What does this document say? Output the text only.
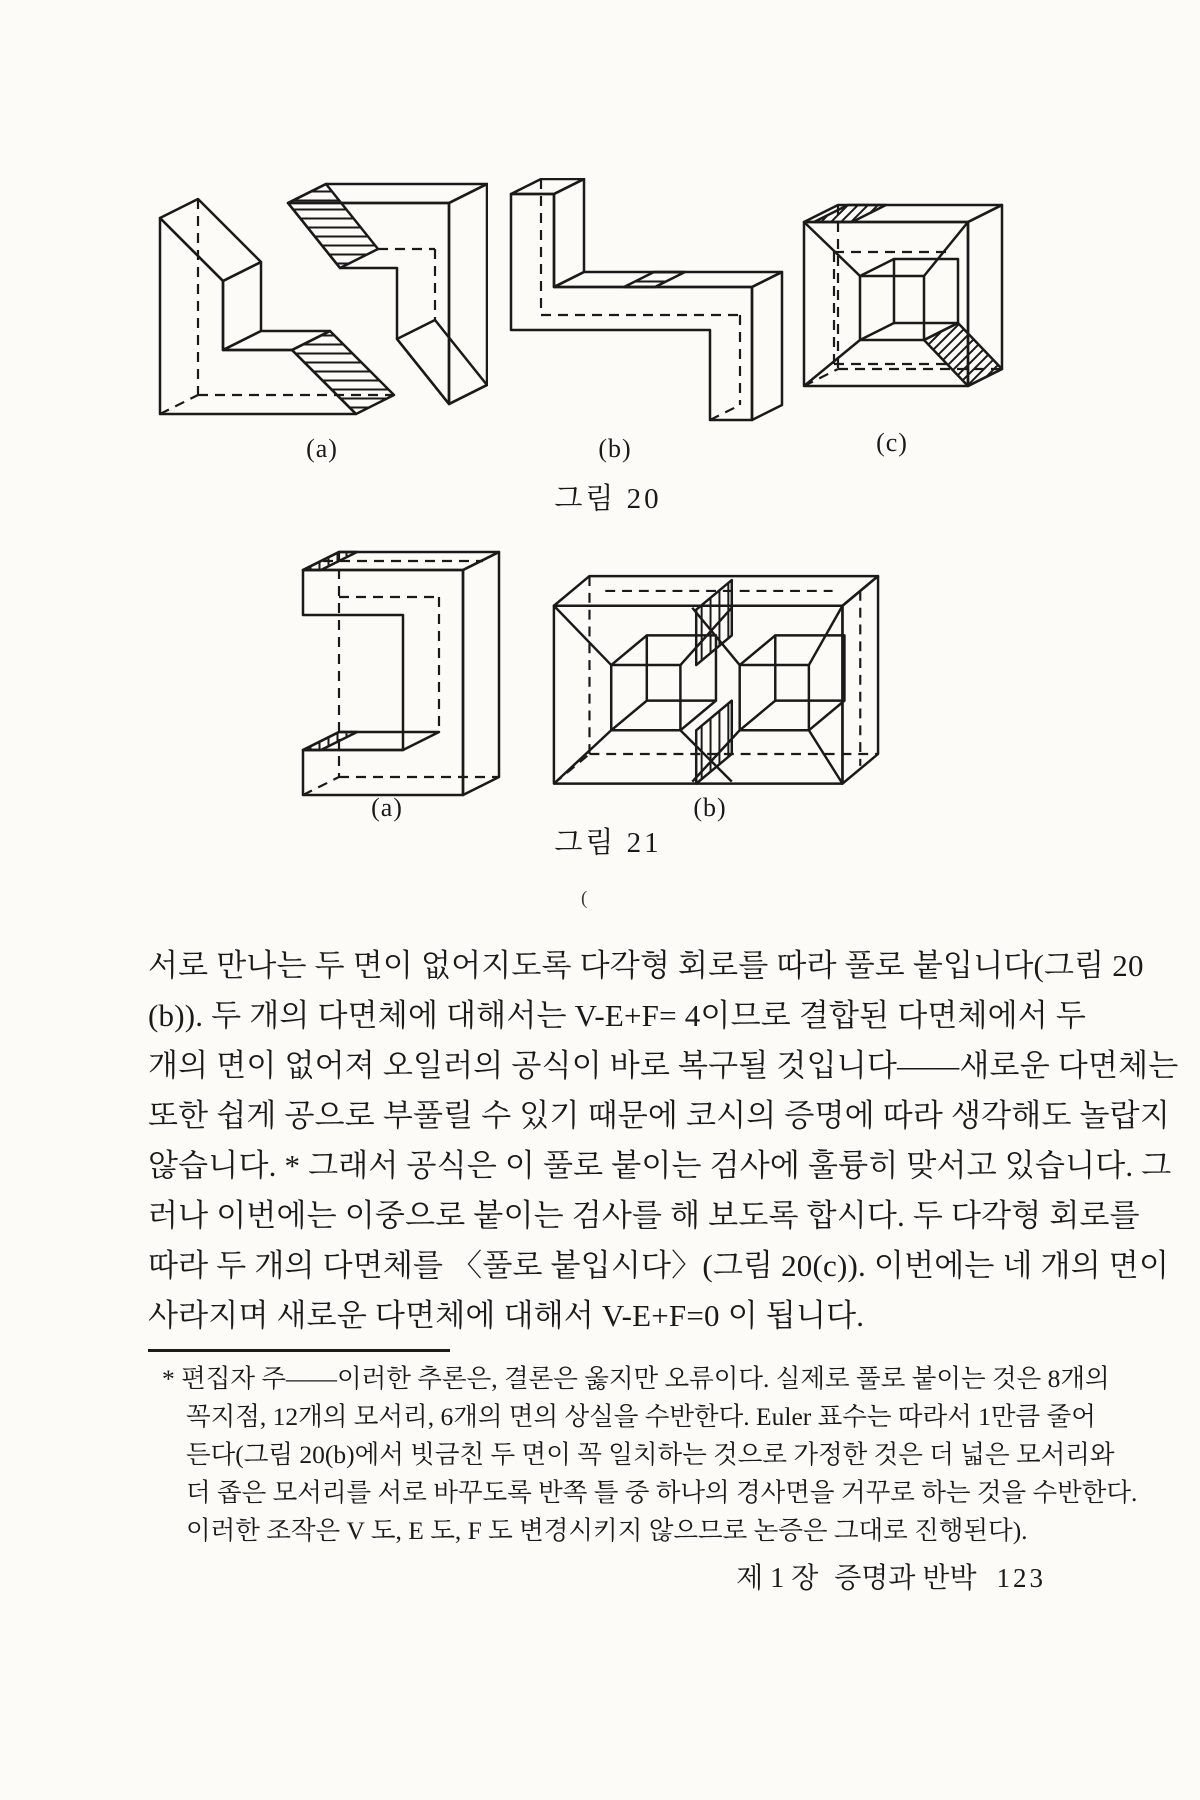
(a)	(b)	(c)
그림 20
(a)	(b)
그림 21
(
서로 만나는 두 면이 없어지도록 다각형 회로를 따라 풀로 붙입니다(그림 20
(b)). 두 개의 다면체에 대해서는 V-E+F= 4이므로 결합된 다면체에서 두
개의 면이 없어져 오일러의 공식이 바로 복구될 것입니다——새로운 다면체는
또한 쉽게 공으로 부풀릴 수 있기 때문에 코시의 증명에 따라 생각해도 놀랍지
않습니다. * 그래서 공식은 이 풀로 붙이는 검사에 훌륭히 맞서고 있습니다. 그
러나 이번에는 이중으로 붙이는 검사를 해 보도록 합시다. 두 다각형 회로를
따라 두 개의 다면체를 〈풀로 붙입시다〉(그림 20(c)). 이번에는 네 개의 면이
사라지며 새로운 다면체에 대해서 V-E+F=0 이 됩니다.
* 편집자 주——이러한 추론은, 결론은 옳지만 오류이다. 실제로 풀로 붙이는 것은 8개의
꼭지점, 12개의 모서리, 6개의 면의 상실을 수반한다. Euler 표수는 따라서 1만큼 줄어
든다(그림 20(b)에서 빗금친 두 면이 꼭 일치하는 것으로 가정한 것은 더 넓은 모서리와
더 좁은 모서리를 서로 바꾸도록 반쪽 틀 중 하나의 경사면을 거꾸로 하는 것을 수반한다.
이러한 조작은 V 도, E 도, F 도 변경시키지 않으므로 논증은 그대로 진행된다).
제 1 장 증명과 반박 123
